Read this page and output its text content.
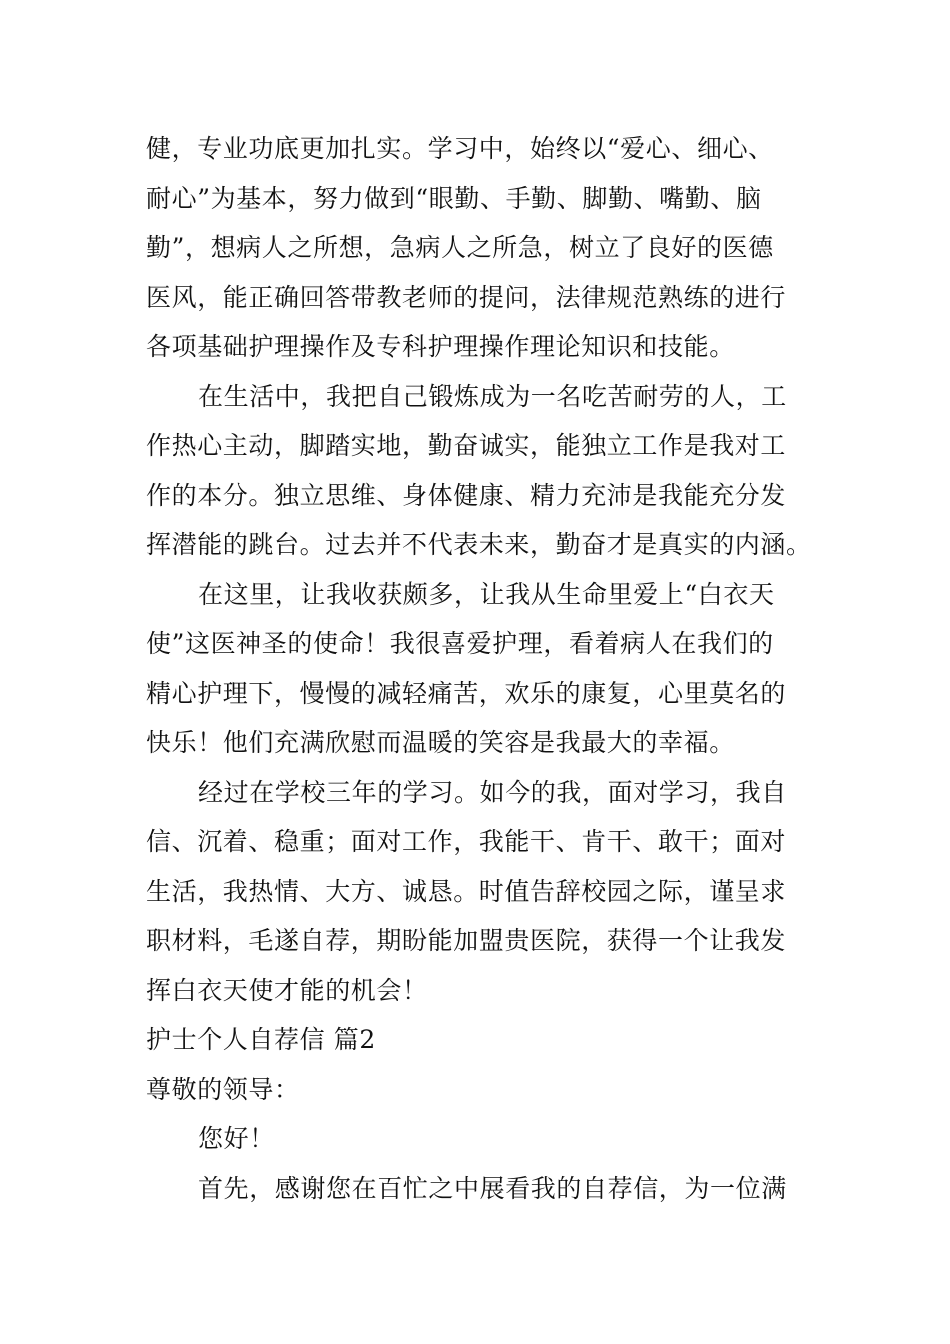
健，专业功底更加扎实。学习中，始终以“爱心、细心、
耐心”为基本，努力做到“眼勤、手勤、脚勤、嘴勤、脑
勤”，想病人之所想，急病人之所急，树立了良好的医德
医风，能正确回答带教老师的提问，法律规范熟练的进行
各项基础护理操作及专科护理操作理论知识和技能。
在生活中，我把自己锻炼成为一名吃苦耐劳的人，工
作热心主动，脚踏实地，勤奋诚实，能独立工作是我对工
作的本分。独立思维、身体健康、精力充沛是我能充分发
挥潜能的跳台。过去并不代表未来，勤奋才是真实的内涵。
在这里，让我收获颇多，让我从生命里爱上“白衣天
使”这医神圣的使命！我很喜爱护理，看着病人在我们的
精心护理下，慢慢的减轻痛苦，欢乐的康复，心里莫名的
快乐！他们充满欣慰而温暖的笑容是我最大的幸福。
经过在学校三年的学习。如今的我，面对学习，我自
信、沉着、稳重；面对工作，我能干、肯干、敢干；面对
生活，我热情、大方、诚恳。时值告辞校园之际，谨呈求
职材料，毛遂自荐，期盼能加盟贵医院，获得一个让我发
挥白衣天使才能的机会！
护士个人自荐信 篇2
尊敬的领导：
您好！
首先，感谢您在百忙之中展看我的自荐信，为一位满
